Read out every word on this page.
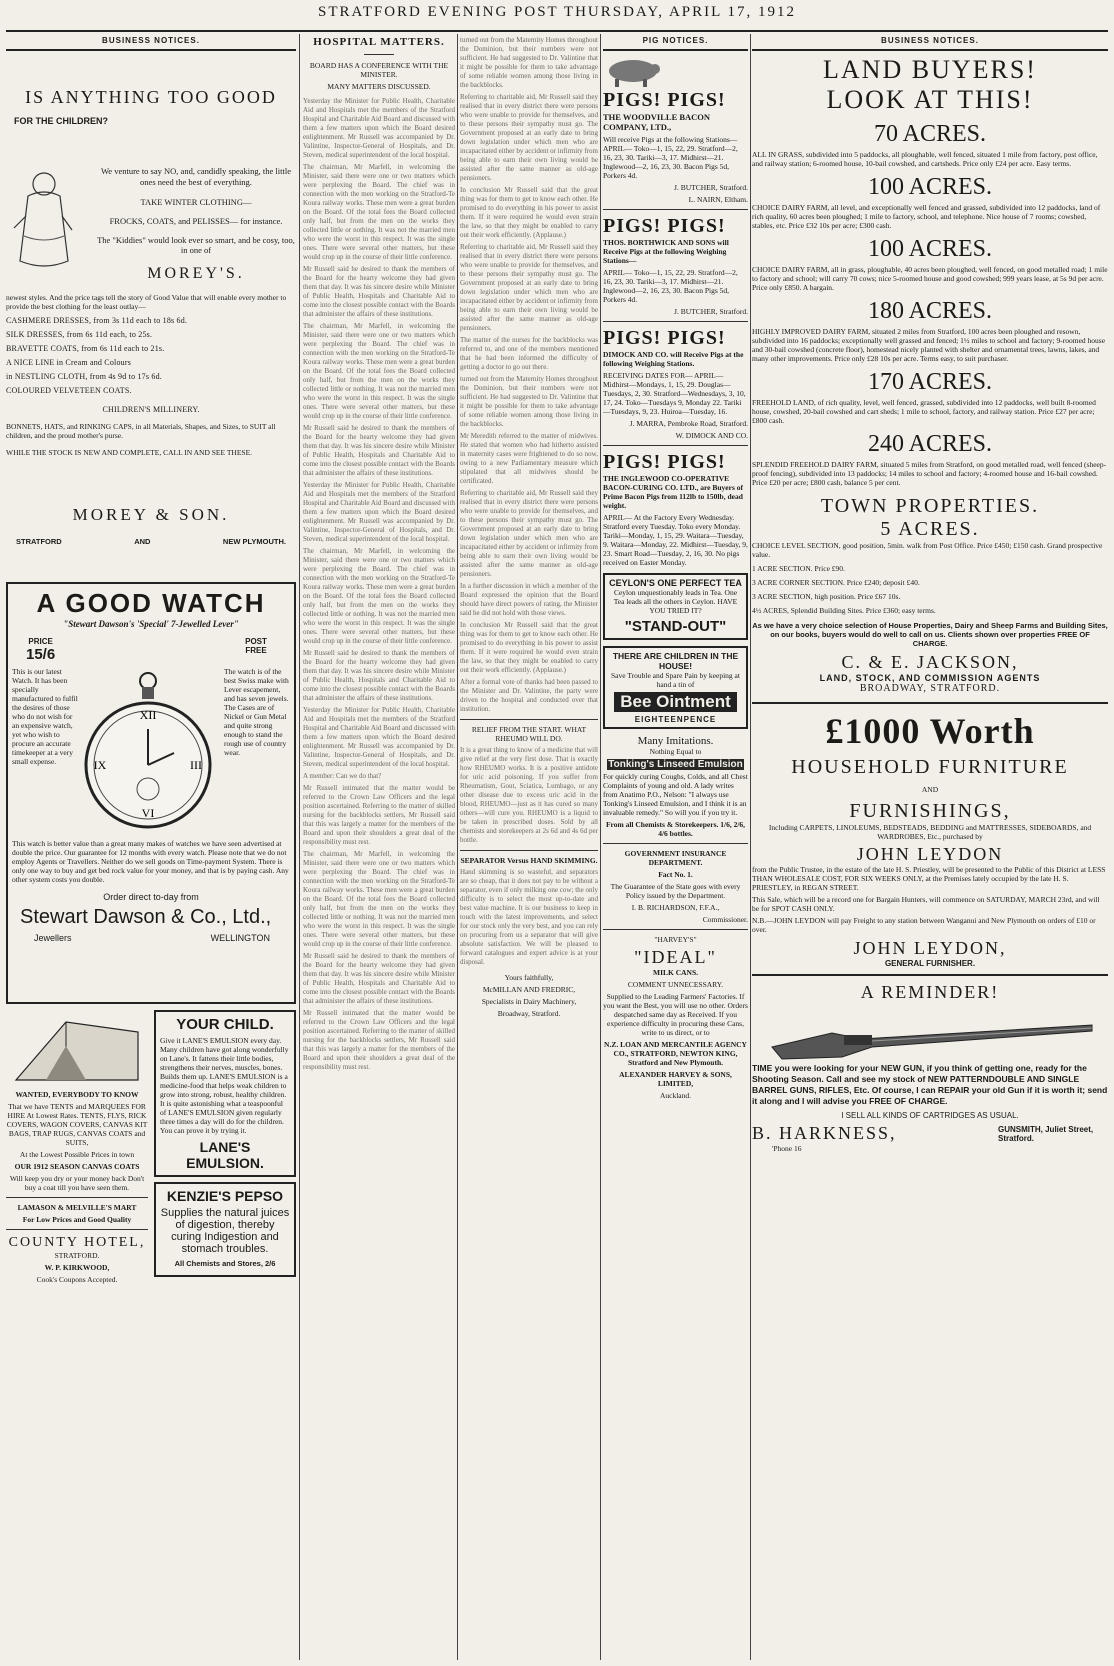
STRATFORD EVENING POST THURSDAY, APRIL 17, 1912
BUSINESS NOTICES.
IS ANYTHING TOO GOOD
FOR THE CHILDREN?

We venture to say NO, and, candidly speaking, the little ones need the best of everything.

TAKE WINTER CLOTHING—

FROCKS, COATS, and PELISSES— for instance.

The "Kiddies" would look ever so smart, and be cosy, too, in one of

MOREY'S.

newest styles. And the price tags tell the story of Good Value that will enable every mother to provide the best clothing for the least outlay—

CASHMERE DRESSES, from 3s 11d each to 18s 6d.
SILK DRESSES, from 6s 11d each, to 25s.
BRAVETTE COATS, from 6s 11d each to 21s.
A NICE LINE in Cream and Colours
in NESTLING CLOTH, from 4s 9d to 17s 6d.
COLOURED VELVETEEN COATS.
CHILDREN'S MILLINERY.

BONNETS, HATS, and RINKING CAPS, in all Materials, Shapes, and Sizes, to SUIT all children, and the proud mother's purse.

WHILE THE STOCK IS NEW AND COMPLETE, CALL IN AND SEE THESE.

MOREY & SON.
STRATFORD	AND	NEW PLYMOUTH.
A GOOD WATCH
"Stewart Dawson's 'Special' 7-Jewelled Lever"
PRICE
15/6
POST FREE

This is our latest Watch. It has been specially manufactured to fulfil the desires of those who do not wish for an expensive watch, yet who wish to procure an accurate timekeeper at a very small expense.

XII
III
VI
IX

The watch is of the best Swiss make with Lever escapement, and has seven jewels. The Cases are of Nickel or Gun Metal and quite strong enough to stand the rough use of country wear.

This watch is better value than a great many makes of watches we have seen advertised at double the price. Our guarantee for 12 months with every watch. Please note that we do not employ Agents or Travellers. Neither do we sell goods on Time-payment System. There is only one way to buy and get bed rock value for your money, and that is by paying cash. Any other system costs you double.

Order direct to-day from
Stewart Dawson & Co., Ltd.,
Jewellers	WELLINGTON
WANTED, EVERYBODY TO KNOW

That we have TENTS and MARQUEES FOR HIRE At Lowest Rates. TENTS, FLYS, RICK COVERS, WAGON COVERS, CANVAS KIT BAGS, TRAP RUGS, CANVAS COATS and SUITS,

At the Lowest Possible Prices in town

OUR 1912 SEASON CANVAS COATS

Will keep you dry or your money back Don't buy a coat till you have seen them.

LAMASON & MELVILLE'S MART

For Low Prices and Good Quality

COUNTY HOTEL,

STRATFORD.

W. P. KIRKWOOD,

Cook's Coupons Accepted.

YOUR CHILD.

Give it LANE'S EMULSION every day. Many children have got along wonderfully on Lane's. It fattens their little bodies, strengthens their nerves, muscles, bones. Builds them up. LANE'S EMULSION is a medicine-food that helps weak children to grow into strong, robust, healthy children. It is quite astonishing what a teaspoonful of LANE'S EMULSION given regularly three times a day will do for the children. You can prove it by trying it.

LANE'S EMULSION.
KENZIE'S PEPSO

Supplies the natural juices of digestion, thereby curing Indigestion and stomach troubles.

All Chemists and Stores, 2/6

HOSPITAL MATTERS.
BOARD HAS A CONFERENCE WITH THE MINISTER.
MANY MATTERS DISCUSSED.

Yesterday the Minister for Public Health, Charitable Aid and Hospitals met the members of the Stratford Hospital and Charitable Aid Board and discussed with them a few matters upon which the Board desired enlightenment. Mr Russell was accompanied by Dr. Valintine, Inspector-General of Hospitals, and Dr. Steven, medical superintendent of the local hospital.

The chairman, Mr Marfell, in welcoming the Minister, said there were one or two matters which were perplexing the Board. The chief was in connection with the men working on the Stratford-Te Koura railway works. These men were a great burden on the Board. Of the total fees the Board collected only half, but from the men on the works they collected little or nothing. It was not the married men who were the worst in this respect. It was the single ones. There were several other matters, but these would crop up in the course of their little conference.

Mr Russell said he desired to thank the members of the Board for the hearty welcome they had given them that day. It was his sincere desire while Minister of Public Health, Hospitals and Charitable Aid to come into the closest possible contact with the Boards that administer the affairs of these institutions.

The chairman, Mr Marfell, in welcoming the Minister, said there were one or two matters which were perplexing the Board. The chief was in connection with the men working on the Stratford-Te Koura railway works. These men were a great burden on the Board. Of the total fees the Board collected only half, but from the men on the works they collected little or nothing. It was not the married men who were the worst in this respect. It was the single ones. There were several other matters, but these would crop up in the course of their little conference.

Mr Russell said he desired to thank the members of the Board for the hearty welcome they had given them that day. It was his sincere desire while Minister of Public Health, Hospitals and Charitable Aid to come into the closest possible contact with the Boards that administer the affairs of these institutions.

Yesterday the Minister for Public Health, Charitable Aid and Hospitals met the members of the Stratford Hospital and Charitable Aid Board and discussed with them a few matters upon which the Board desired enlightenment. Mr Russell was accompanied by Dr. Valintine, Inspector-General of Hospitals, and Dr. Steven, medical superintendent of the local hospital.

The chairman, Mr Marfell, in welcoming the Minister, said there were one or two matters which were perplexing the Board. The chief was in connection with the men working on the Stratford-Te Koura railway works. These men were a great burden on the Board. Of the total fees the Board collected only half, but from the men on the works they collected little or nothing. It was not the married men who were the worst in this respect. It was the single ones. There were several other matters, but these would crop up in the course of their little conference.

Mr Russell said he desired to thank the members of the Board for the hearty welcome they had given them that day. It was his sincere desire while Minister of Public Health, Hospitals and Charitable Aid to come into the closest possible contact with the Boards that administer the affairs of these institutions.

Yesterday the Minister for Public Health, Charitable Aid and Hospitals met the members of the Stratford Hospital and Charitable Aid Board and discussed with them a few matters upon which the Board desired enlightenment. Mr Russell was accompanied by Dr. Valintine, Inspector-General of Hospitals, and Dr. Steven, medical superintendent of the local hospital.

A member: Can we do that?

Mr Russell intimated that the matter would be referred to the Crown Law Officers and the legal position ascertained. Referring to the matter of skilled nursing for the backblocks settlers, Mr Russell said that this was largely a matter for the members of the Board and upon their shoulders a great deal of the responsibility must rest.

The chairman, Mr Marfell, in welcoming the Minister, said there were one or two matters which were perplexing the Board. The chief was in connection with the men working on the Stratford-Te Koura railway works. These men were a great burden on the Board. Of the total fees the Board collected only half, but from the men on the works they collected little or nothing. It was not the married men who were the worst in this respect. It was the single ones. There were several other matters, but these would crop up in the course of their little conference.

Mr Russell said he desired to thank the members of the Board for the hearty welcome they had given them that day. It was his sincere desire while Minister of Public Health, Hospitals and Charitable Aid to come into the closest possible contact with the Boards that administer the affairs of these institutions.

Mr Russell intimated that the matter would be referred to the Crown Law Officers and the legal position ascertained. Referring to the matter of skilled nursing for the backblocks settlers, Mr Russell said that this was largely a matter for the members of the Board and upon their shoulders a great deal of the responsibility must rest.

turned out from the Maternity Homes throughout the Dominion, but their numbers were not sufficient. He had suggested to Dr. Valintine that it might be possible for them to take advantage of some reliable women among those living in the backblocks.

Referring to charitable aid, Mr Russell said they realised that in every district there were persons who were unable to provide for themselves, and to these persons their sympathy must go. The Government proposed at an early date to bring down legislation under which men who are incapacitated either by accident or infirmity from being able to earn their own living would be assisted after the same manner as old-age pensioners.

In conclusion Mr Russell said that the great thing was for them to get to know each other. He promised to do everything in his power to assist them. If it were required he would even strain the law, so that they might be enabled to carry out their work efficiently. (Applause.)

Referring to charitable aid, Mr Russell said they realised that in every district there were persons who were unable to provide for themselves, and to these persons their sympathy must go. The Government proposed at an early date to bring down legislation under which men who are incapacitated either by accident or infirmity from being able to earn their own living would be assisted after the same manner as old-age pensioners.

The matter of the nurses for the backblocks was referred to, and one of the members mentioned that he had been informed the difficulty of getting a doctor to go out there.

turned out from the Maternity Homes throughout the Dominion, but their numbers were not sufficient. He had suggested to Dr. Valintine that it might be possible for them to take advantage of some reliable women among those living in the backblocks.

Mr Meredith referred to the matter of midwives. He stated that women who had hitherto assisted in maternity cases were frightened to do so now, owing to a new Parliamentary measure which stipulated that all midwives should be certificated.

Referring to charitable aid, Mr Russell said they realised that in every district there were persons who were unable to provide for themselves, and to these persons their sympathy must go. The Government proposed at an early date to bring down legislation under which men who are incapacitated either by accident or infirmity from being able to earn their own living would be assisted after the same manner as old-age pensioners.

In a further discussion in which a member of the Board expressed the opinion that the Board should have direct powers of rating, the Minister said he did not hold with those views.

In conclusion Mr Russell said that the great thing was for them to get to know each other. He promised to do everything in his power to assist them. If it were required he would even strain the law, so that they might be enabled to carry out their work efficiently. (Applause.)

After a formal vote of thanks had been passed to the Minister and Dr. Valintine, the party were driven to the hospital and conducted over that institution.

RELIEF FROM THE START. WHAT RHEUMO WILL DO.

It is a great thing to know of a medicine that will give relief at the very first dose. That is exactly how RHEUMO works. It is a positive antidote for uric acid poisoning. If you suffer from Rheumatism, Gout, Sciatica, Lumbago, or any other disease due to excess uric acid in the blood, RHEUMO—just as it has cured so many others—will cure you. RHEUMO is a liquid to be taken in prescribed doses. Sold by all chemists and storekeepers at 2s 6d and 4s 6d per bottle.

SEPARATOR Versus HAND SKIMMING.

Hand skimming is so wasteful, and separators are so cheap, that it does not pay to be without a separator, even if only milking one cow; the only difficulty is to select the most up-to-date and best value machine. It is our business to keep in touch with the latest improvements, and select for our stock only the very best, and you can rely on procuring from us a separator that will give absolute satisfaction. We will be pleased to forward catalogues and expert advice is at your disposal.

Yours faithfully,

McMILLAN AND FREDRIC,

Specialists in Dairy Machinery,

Broadway, Stratford.

PIG NOTICES.
PIGS! PIGS!
THE WOODVILLE BACON COMPANY, LTD.,

Will receive Pigs at the following Stations— APRIL— Toko—1, 15, 22, 29. Stratford—2, 16, 23, 30. Tariki—3, 17. Midhirst—21. Inglewood—2, 16, 23, 30. Bacon Pigs 5d, Porkers 4d.

J. BUTCHER, Stratford.

L. NAIRN, Eltham.

PIGS! PIGS!

THOS. BORTHWICK AND SONS will Receive Pigs at the following Weighing Stations—

APRIL— Toko—1, 15, 22, 29. Stratford—2, 16, 23, 30. Tariki—3, 17. Midhirst—21. Inglewood—2, 16, 23, 30. Bacon Pigs 5d, Porkers 4d.

J. BUTCHER, Stratford.

PIGS! PIGS!

DIMOCK AND CO. will Receive Pigs at the following Weighing Stations.

RECEIVING DATES FOR— APRIL— Midhirst—Mondays, 1, 15, 29. Douglas—Tuesdays, 2, 30. Stratford—Wednesdays, 3, 10, 17, 24. Toko—Tuesdays 9, Monday 22. Tariki—Tuesdays, 9, 23. Huiroa—Tuesday, 16.

J. MARRA, Pembroke Road, Stratford.

W. DIMOCK AND CO.

PIGS! PIGS!

THE INGLEWOOD CO-OPERATIVE BACON-CURING CO. LTD., are Buyers of Prime Bacon Pigs from 112lb to 150lb, dead weight.

APRIL— At the Factory Every Wednesday. Stratford every Tuesday. Toko every Monday. Tariki—Monday, 1, 15, 29. Waitara—Tuesday, 9. Waitara—Monday, 22. Midhirst—Tuesday, 9, 23. Smart Road—Tuesday, 2, 16, 30. No pigs received on Easter Monday.

CEYLON'S ONE PERFECT TEA

Ceylon unquestionably leads in Tea. One Tea leads all the others in Ceylon. HAVE YOU TRIED IT?

"STAND-OUT"
THERE ARE CHILDREN IN THE HOUSE!

Save Trouble and Spare Pain by keeping at hand a tin of

Bee Ointment
EIGHTEENPENCE
Many Imitations.

Nothing Equal to

Tonking's Linseed Emulsion

For quickly curing Coughs, Colds, and all Chest Complaints of young and old. A lady writes from Anatimo P.O., Nelson: "I always use Tonking's Linseed Emulsion, and I think it is an invaluable remedy." So will you if you try it.

From all Chemists & Storekeepers. 1/6, 2/6, 4/6 bottles.

GOVERNMENT INSURANCE DEPARTMENT.

Fact No. 1.

The Guarantee of the State goes with every Policy issued by the Department.

I. B. RICHARDSON, F.F.A.,

Commissioner.

"HARVEY'S"

"IDEAL"

MILK CANS.

COMMENT UNNECESSARY.

Supplied to the Leading Farmers' Factories. If you want the Best, you will use no other. Orders despatched same day as Received. If you experience difficulty in procuring these Cans, write to us direct, or to

N.Z. LOAN AND MERCANTILE AGENCY CO., STRATFORD, NEWTON KING, Stratford and New Plymouth.

ALEXANDER HARVEY & SONS, LIMITED,

Auckland.

BUSINESS NOTICES.
LAND BUYERS!
LOOK AT THIS!
70 ACRES.

ALL IN GRASS, subdivided into 5 paddocks, all ploughable, well fenced, situated 1 mile from factory, post office, and railway station; 6-roomed house, 10-bail cowshed, and cartsheds. Price only £24 per acre. Easy terms.

100 ACRES.

CHOICE DAIRY FARM, all level, and exceptionally well fenced and grassed, subdivided into 12 paddocks, land of rich quality, 60 acres been ploughed; 1 mile to factory, school, and telephone. Nice house of 7 rooms; cowshed, stables, etc. Price £32 10s per acre; £300 cash.

100 ACRES.

CHOICE DAIRY FARM, all in grass, ploughable, 40 acres been ploughed, well fenced, on good metalled road; 1 mile to factory and school; will carry 70 cows; nice 5-roomed house and good cowshed; 999 years lease, at 5s 9d per acre. Price only £850. A bargain.

180 ACRES.

HIGHLY IMPROVED DAIRY FARM, situated 2 miles from Stratford, 100 acres been ploughed and resown, subdivided into 16 paddocks; exceptionally well grassed and fenced; 1½ miles to school and factory; 9-roomed house and 30-bail cowshed (concrete floor), homestead nicely planted with shelter and ornamental trees, lawns, lakes, and many other improvements. Price only £28 10s per acre. Terms easy, to suit purchaser.

170 ACRES.

FREEHOLD LAND, of rich quality, level, well fenced, grassed, subdivided into 12 paddocks, well built 8-roomed house, cowshed, 20-bail cowshed and cart sheds; 1 mile to school, factory, and railway station. Price £27 per acre; £800 cash.

240 ACRES.

SPLENDID FREEHOLD DAIRY FARM, situated 5 miles from Stratford, on good metalled road, well fenced (sheep-proof fencing), subdivided into 13 paddocks; 14 miles to school and factory; 4-roomed house and 16-bail cowshed. Price £20 per acre; £800 cash, balance 5 per cent.

TOWN PROPERTIES.
5 ACRES.

CHOICE LEVEL SECTION, good position, 5min. walk from Post Office. Price £450; £150 cash. Grand prospective value.

1 ACRE SECTION. Price £90.

3 ACRE CORNER SECTION. Price £240; deposit £40.

3 ACRE SECTION, high position. Price £67 10s.

4½ ACRES, Splendid Building Sites. Price £360; easy terms.

As we have a very choice selection of House Properties, Dairy and Sheep Farms and Building Sites, on our books, buyers would do well to call on us. Clients shown over properties FREE OF CHARGE.

C. & E. JACKSON,
LAND, STOCK, AND COMMISSION AGENTS
BROADWAY, STRATFORD.
£1000 Worth
HOUSEHOLD FURNITURE
AND
FURNISHINGS,

Including CARPETS, LINOLEUMS, BEDSTEADS, BEDDING and MATTRESSES, SIDEBOARDS, and WARDROBES, Etc., purchased by

JOHN LEYDON

from the Public Trustee, in the estate of the late H. S. Priestley, will be presented to the Public of this District at LESS THAN WHOLESALE COST, FOR SIX WEEKS ONLY, at the Premises lately occupied by the late H. S. PRIESTLEY, in REGAN STREET.

This Sale, which will be a record one for Bargain Hunters, will commence on SATURDAY, MARCH 23rd, and will be for SPOT CASH ONLY.

N.B.—JOHN LEYDON will pay Freight to any station between Wanganui and New Plymouth on orders of £10 or over.

JOHN LEYDON,
GENERAL FURNISHER.
A REMINDER!

TIME you were looking for your NEW GUN, if you think of getting one, ready for the Shooting Season. Call and see my stock of NEW PATTERNDOUBLE AND SINGLE BARREL GUNS, RIFLES, Etc. Of course, I can REPAIR your old Gun if it is worth it; send it along and I will advise you FREE OF CHARGE.

I SELL ALL KINDS OF CARTRIDGES AS USUAL.

B. HARKNESS,	GUNSMITH, Juliet Street, Stratford.

'Phone 16
